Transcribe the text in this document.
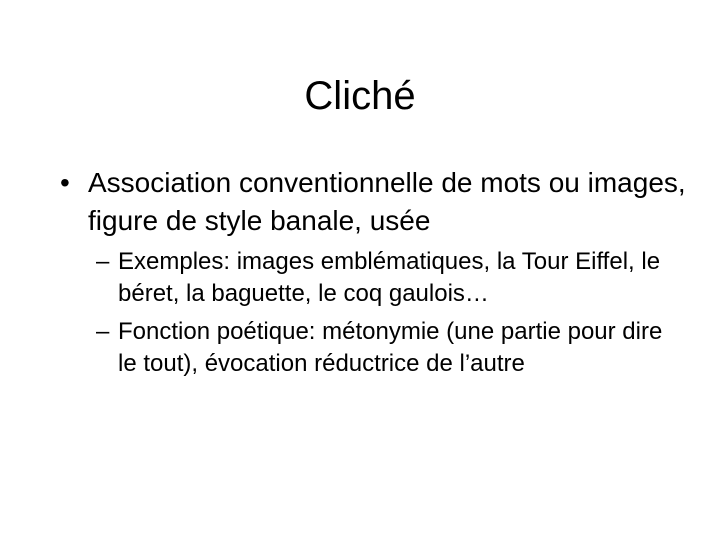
Cliché
• Association conventionnelle de mots ou images, figure de style banale, usée
– Exemples: images emblématiques, la Tour Eiffel, le béret, la baguette, le coq gaulois…
– Fonction poétique: métonymie (une partie pour dire le tout), évocation réductrice de l’autre
